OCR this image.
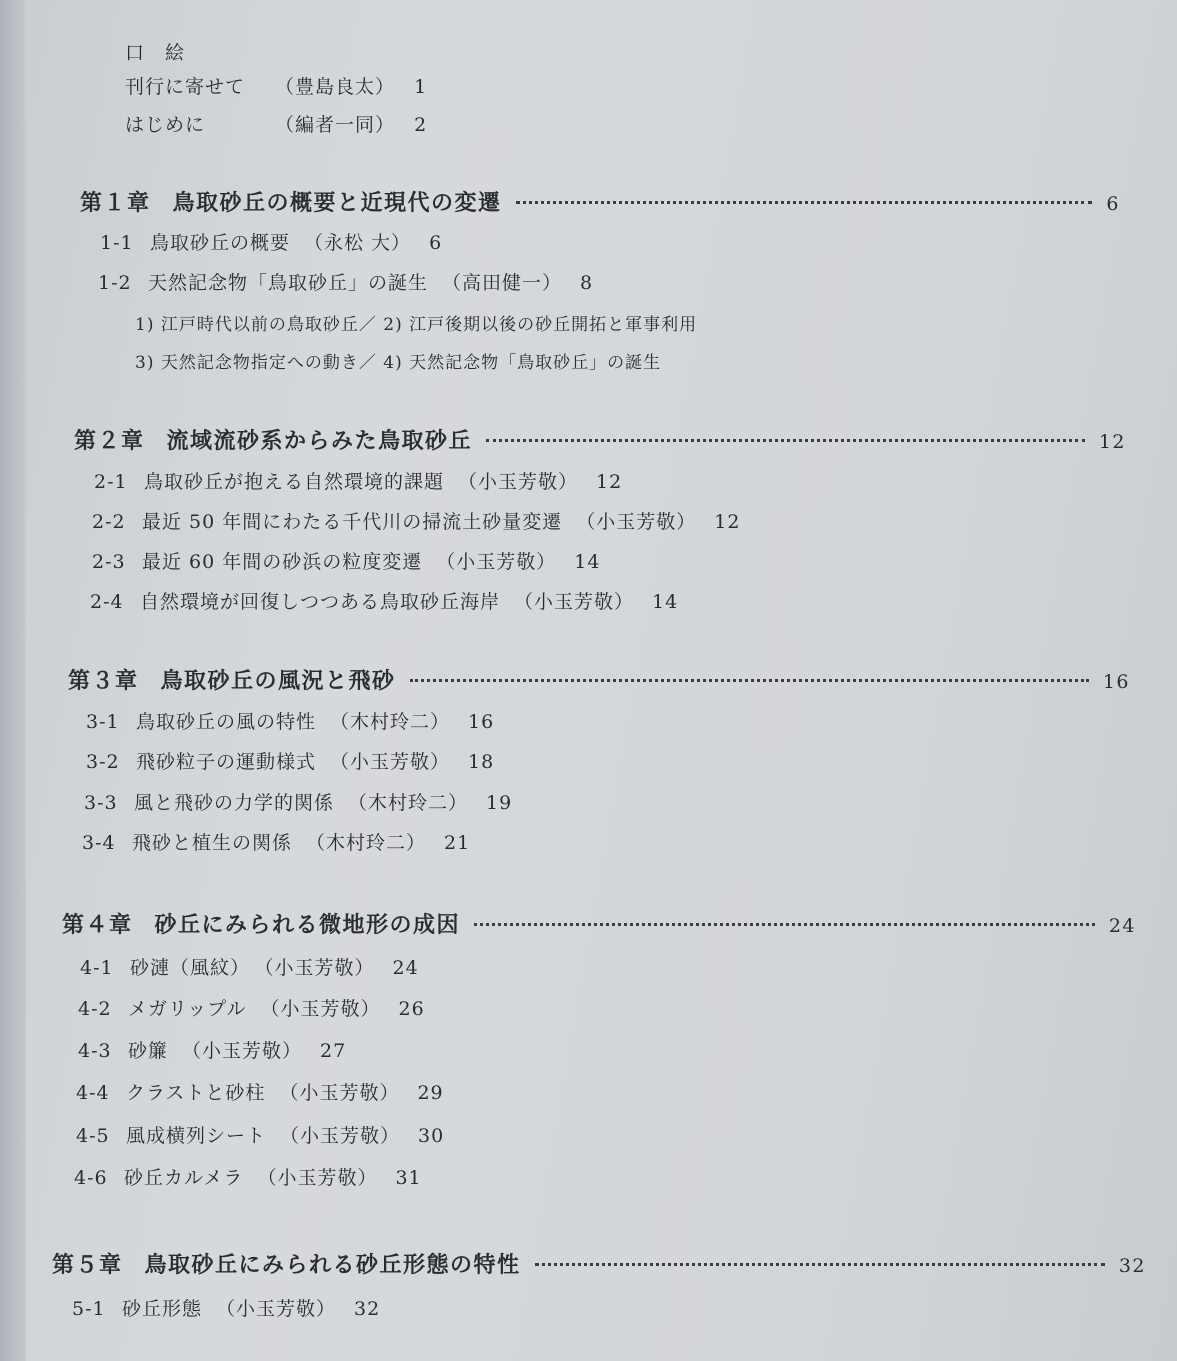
口　絵
刊行に寄せて （豊島良太） 1
はじめに	（編者一同） 2
第１章 鳥取砂丘の概要と近現代の変遷	6
1-1 鳥取砂丘の概要 （永松 大） 6
1-2 天然記念物「鳥取砂丘」の誕生 （高田健一） 8
1) 江戸時代以前の鳥取砂丘／ 2) 江戸後期以後の砂丘開拓と軍事利用
3) 天然記念物指定への動き／ 4) 天然記念物「鳥取砂丘」の誕生
第２章 流域流砂系からみた鳥取砂丘	12
2-1 鳥取砂丘が抱える自然環境的課題 （小玉芳敬） 12
2-2 最近 50 年間にわたる千代川の掃流土砂量変遷 （小玉芳敬） 12
2-3 最近 60 年間の砂浜の粒度変遷 （小玉芳敬） 14
2-4 自然環境が回復しつつある鳥取砂丘海岸 （小玉芳敬） 14
第３章 鳥取砂丘の風況と飛砂	16
3-1 鳥取砂丘の風の特性 （木村玲二） 16
3-2 飛砂粒子の運動様式 （小玉芳敬） 18
3-3 風と飛砂の力学的関係 （木村玲二） 19
3-4 飛砂と植生の関係 （木村玲二） 21
第４章 砂丘にみられる微地形の成因	24
4-1 砂漣（風紋） （小玉芳敬） 24
4-2 メガリップル （小玉芳敬） 26
4-3 砂簾 （小玉芳敬） 27
4-4 クラストと砂柱 （小玉芳敬） 29
4-5 風成横列シート （小玉芳敬） 30
4-6 砂丘カルメラ （小玉芳敬） 31
第５章 鳥取砂丘にみられる砂丘形態の特性	32
5-1 砂丘形態 （小玉芳敬） 32
